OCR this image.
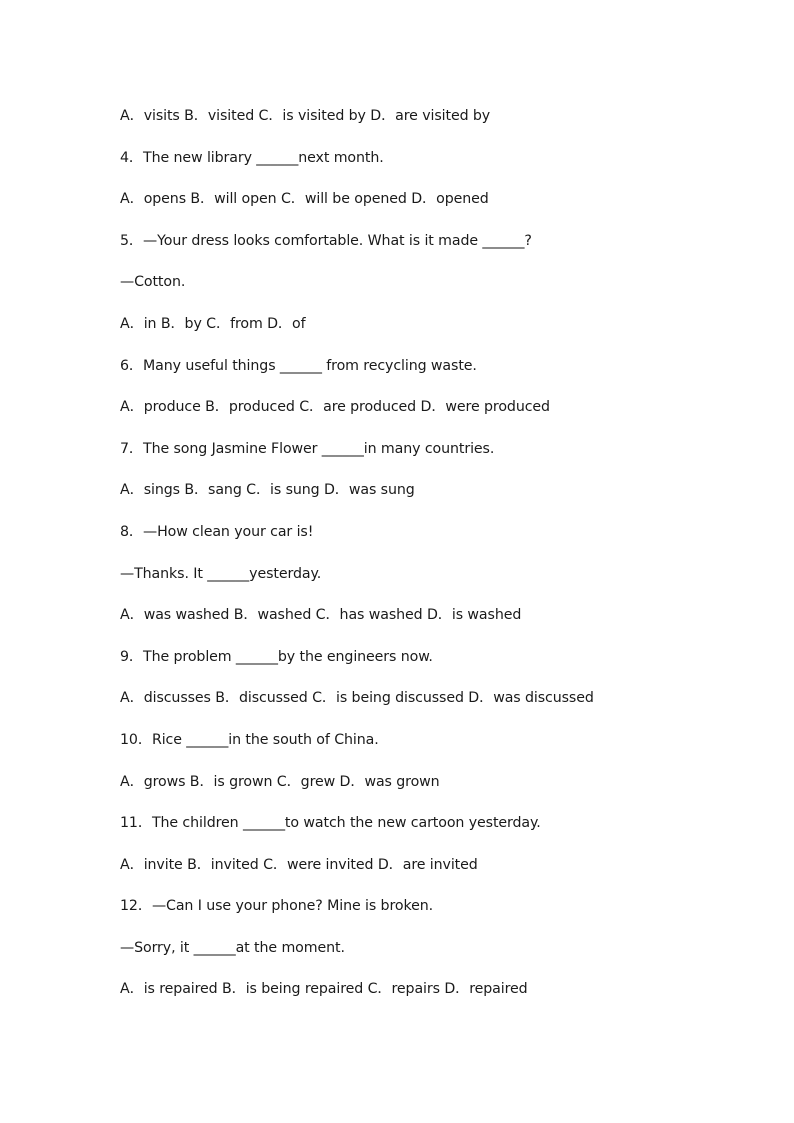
A．visits B．visited C．is visited by D．are visited by
4．The new library ______next month.
A．opens B．will open C．will be opened D．opened
5．—Your dress looks comfortable. What is it made ______?
—Cotton.
A．in B．by C．from D．of
6．Many useful things ______ from recycling waste.
A．produce B．produced C．are produced D．were produced
7．The song Jasmine Flower ______in many countries.
A．sings B．sang C．is sung D．was sung
8．—How clean your car is!
—Thanks. It ______yesterday.
A．was washed B．washed C．has washed D．is washed
9．The problem ______by the engineers now.
A．discusses B．discussed C．is being discussed D．was discussed
10．Rice ______in the south of China.
A．grows B．is grown C．grew D．was grown
11．The children ______to watch the new cartoon yesterday.
A．invite B．invited C．were invited D．are invited
12．—Can I use your phone? Mine is broken.
—Sorry, it ______at the moment.
A．is repaired B．is being repaired C．repairs D．repaired
